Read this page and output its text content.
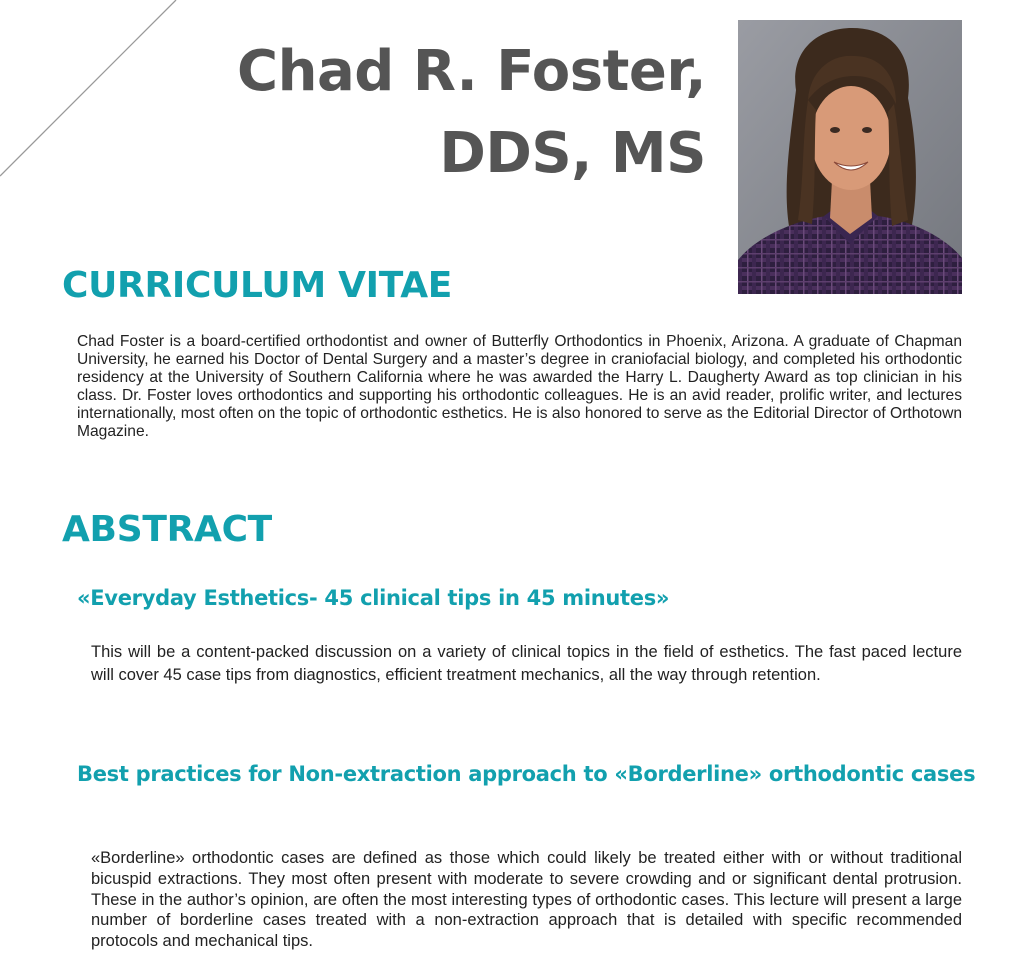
Chad R. Foster,
DDS, MS
CURRICULUM VITAE

Chad Foster is a board-certified orthodontist and owner of Butterfly Orthodontics in Phoenix, Arizona. A graduate of Chapman University, he earned his Doctor of Dental Surgery and a master’s degree in craniofacial biology, and completed his orthodontic residency at the University of Southern California where he was awarded the Harry L. Daugherty Award as top clinician in his class. Dr. Foster loves orthodontics and supporting his orthodontic colleagues. He is an avid reader, prolific writer, and lectures internationally, most often on the topic of orthodontic esthetics. He is also honored to serve as the Editorial Director of Orthotown Magazine.

ABSTRACT
«Everyday Esthetics- 45 clinical tips in 45 minutes»

This will be a content-packed discussion on a variety of clinical topics in the field of esthetics. The fast paced lecture will cover 45 case tips from diagnostics, efficient treatment mechanics, all the way through retention.

Best practices for Non-extraction approach to «Borderline» orthodontic cases

«Borderline» orthodontic cases are defined as those which could likely be treated either with or without traditional bicuspid extractions. They most often present with moderate to severe crowding and or significant dental protrusion. These in the author’s opinion, are often the most interesting types of orthodontic cases. This lecture will present a large number of borderline cases treated with a non-extraction approach that is detailed with specific recommended protocols and mechanical tips.
